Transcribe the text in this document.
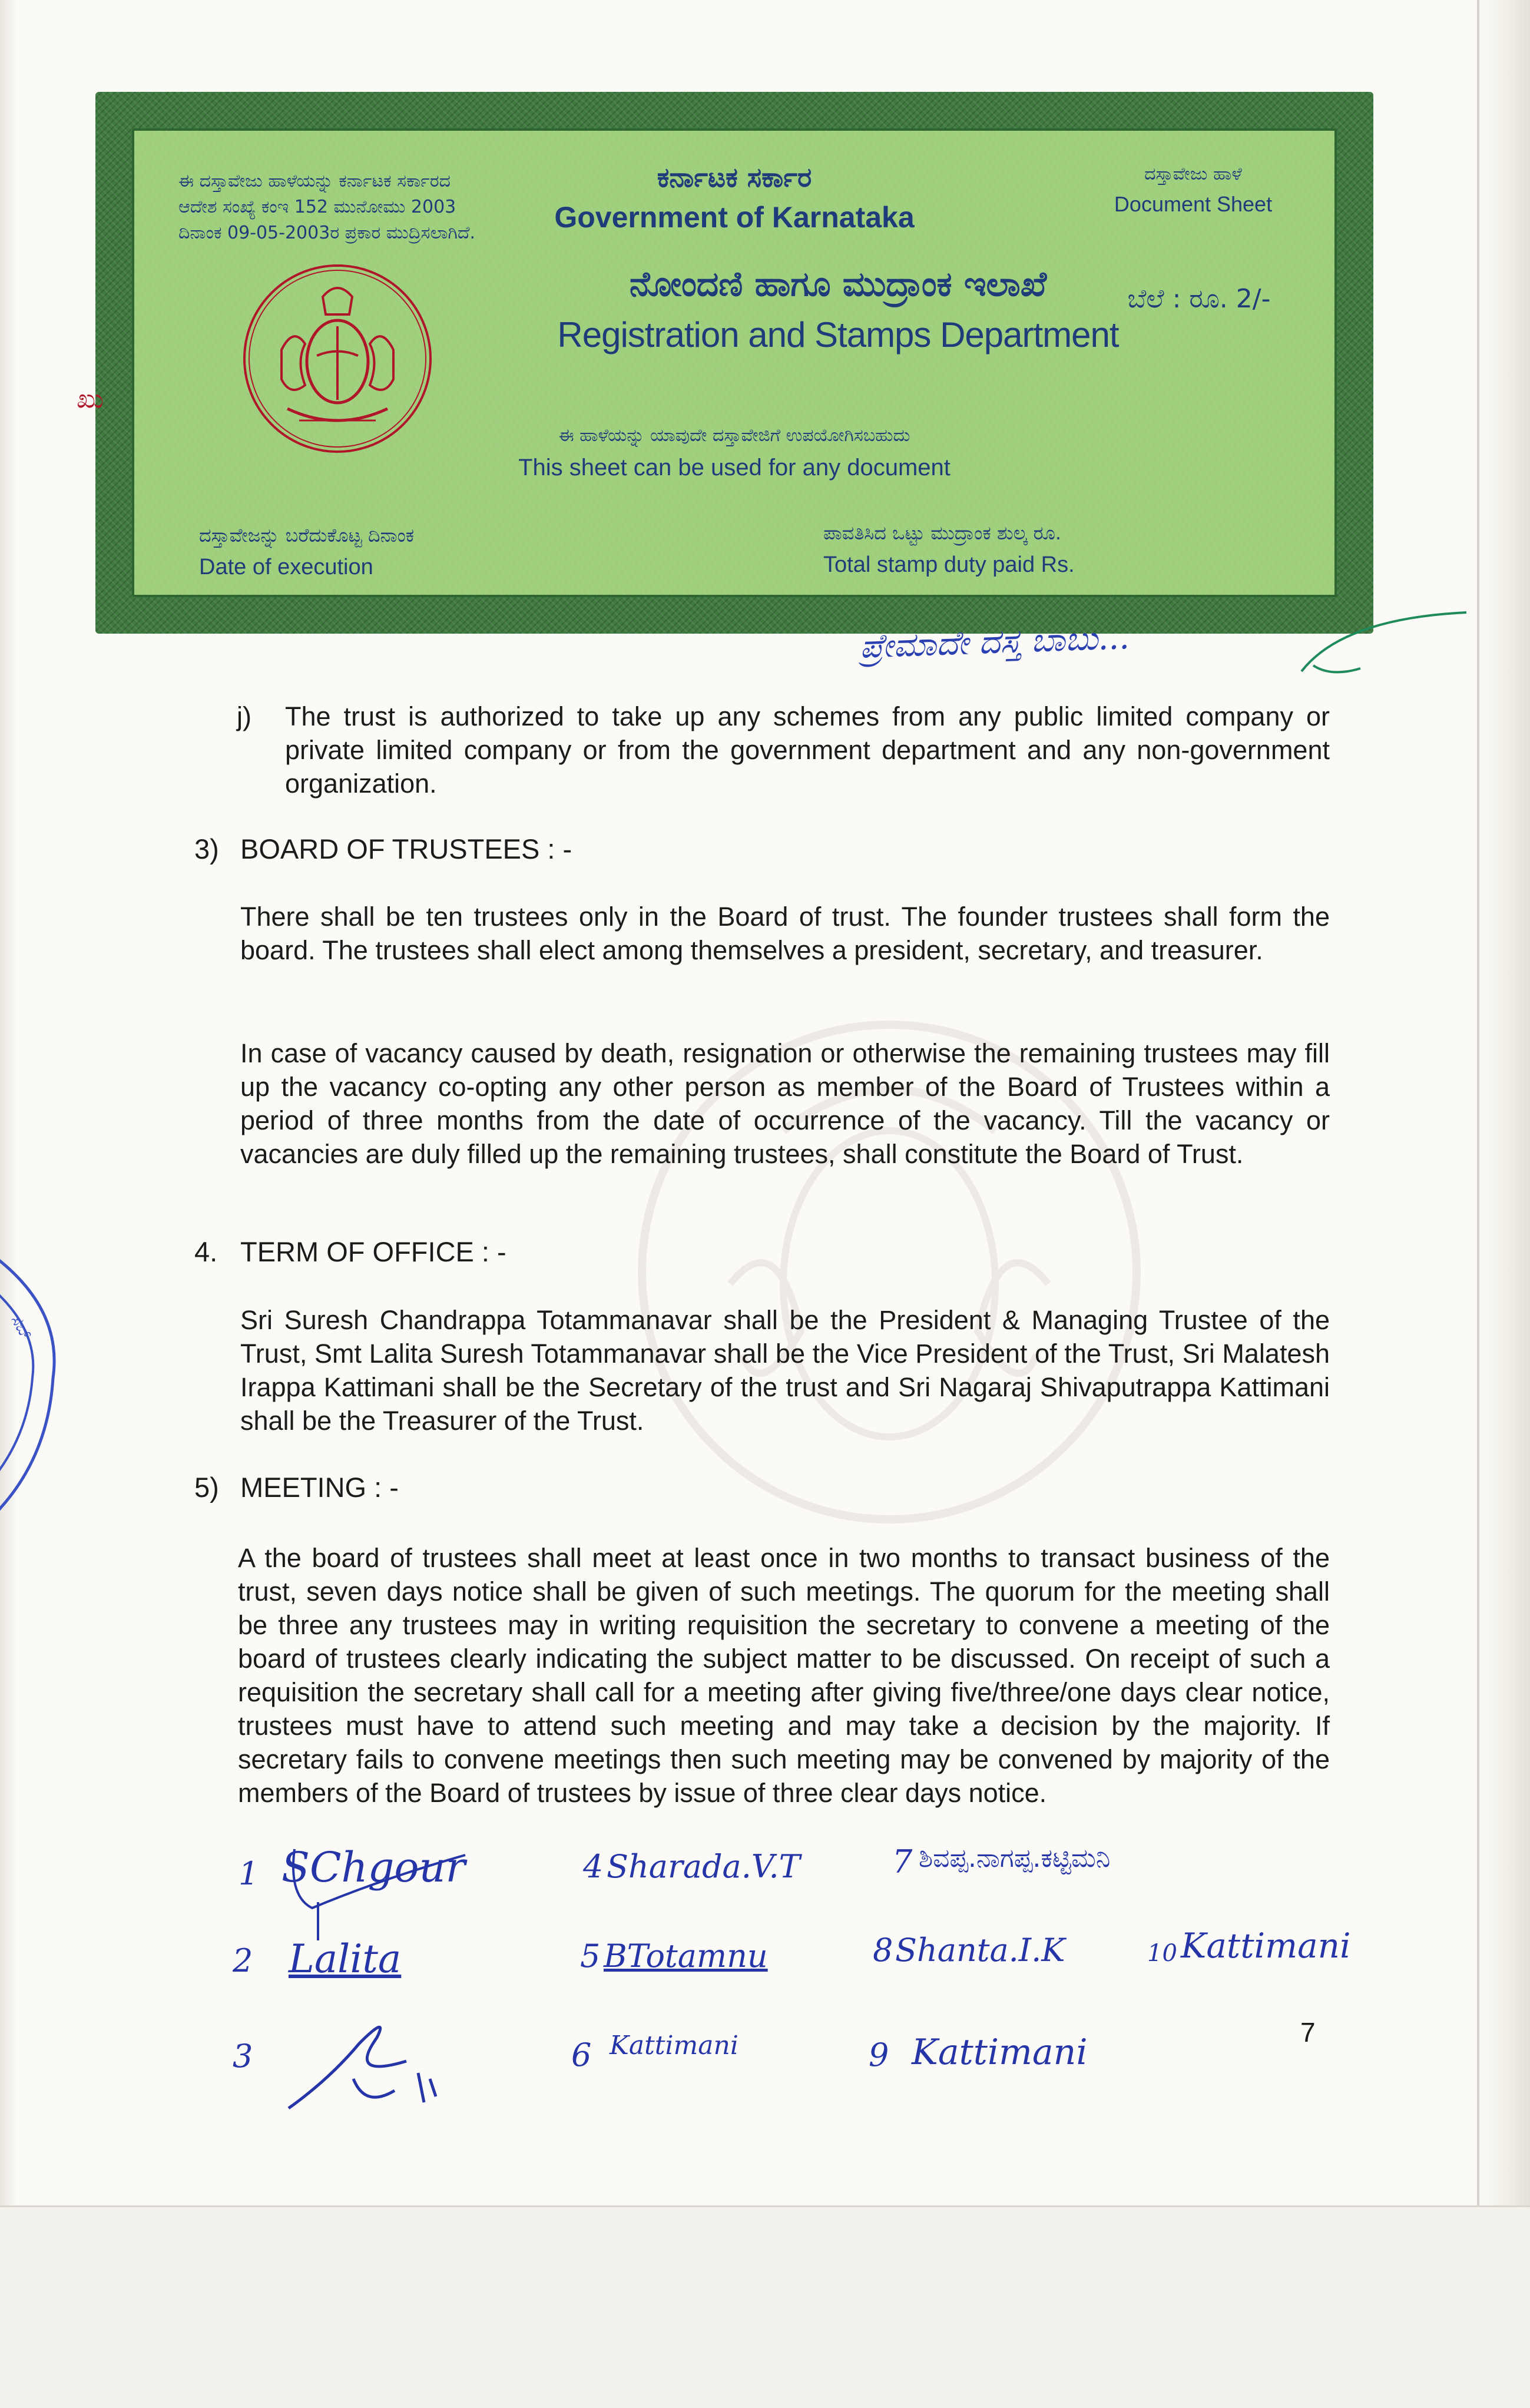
ಈ ದಸ್ತಾವೇಜು ಹಾಳೆಯನ್ನು ಕರ್ನಾಟಕ ಸರ್ಕಾರದ
ಆದೇಶ ಸಂಖ್ಯೆ ಕಂಇ 152 ಮುನೋಮು 2003
ದಿನಾಂಕ 09-05-2003ರ ಪ್ರಕಾರ ಮುದ್ರಿಸಲಾಗಿದೆ.
ಕರ್ನಾಟಕ ಸರ್ಕಾರ
Government of Karnataka
ದಸ್ತಾವೇಜು ಹಾಳೆ
Document Sheet
ಬೆಲೆ : ರೂ. 2/-
ಖು
ನೋಂದಣಿ ಹಾಗೂ ಮುದ್ರಾಂಕ ಇಲಾಖೆ
Registration and Stamps Department
ಈ ಹಾಳೆಯನ್ನು ಯಾವುದೇ ದಸ್ತಾವೇಜಿಗೆ ಉಪಯೋಗಿಸಬಹುದು
This sheet can be used for any document
ದಸ್ತಾವೇಜನ್ನು ಬರೆದುಕೊಟ್ಟ ದಿನಾಂಕ
Date of execution
ಪಾವತಿಸಿದ ಒಟ್ಟು ಮುದ್ರಾಂಕ ಶುಲ್ಕ ರೂ.
Total stamp duty paid Rs.
ಪ್ರೇಮಾದೇ ದಸ್ತ ಬಾಬು...
j) The trust is authorized to take up any schemes from any public limited company or private limited company or from the government department and any non-government organization.
3) BOARD OF TRUSTEES : -
There shall be ten trustees only in the Board of trust. The founder trustees shall form the board. The trustees shall elect among themselves a president, secretary, and treasurer.
In case of vacancy caused by death, resignation or otherwise the remaining trustees may fill up the vacancy co-opting any other person as member of the Board of Trustees within a period of three months from the date of occurrence of the vacancy. Till the vacancy or vacancies are duly filled up the remaining trustees, shall constitute the Board of Trust.
4. TERM OF OFFICE : -
Sri Suresh Chandrappa Totammanavar shall be the President & Managing Trustee of the Trust, Smt Lalita Suresh Totammanavar shall be the Vice President of the Trust, Sri Malatesh Irappa Kattimani shall be the Secretary of the trust and Sri Nagaraj Shivaputrappa Kattimani shall be the Treasurer of the Trust.
5) MEETING : -
A the board of trustees shall meet at least once in two months to transact business of the trust, seven days notice shall be given of such meetings. The quorum for the meeting shall be three any trustees may in writing requisition the secretary to convene a meeting of the board of trustees clearly indicating the subject matter to be discussed. On receipt of such a requisition the secretary shall call for a meeting after giving five/three/one days clear notice, trustees must have to attend such meeting and may take a decision by the majority. If secretary fails to convene meetings then such meeting may be convened by majority of the members of the Board of trustees by issue of three clear days notice.
ಸಬ್
1 SChgour
2 Lalita
3
4 Sharada.V.T
5 BTotamnu
6 Kattimani
7 ಶಿವಪ್ಪ.ನಾಗಪ್ಪ.ಕಟ್ಟಿಮನಿ
8 Shanta.I.K
9 Kattimani
10 Kattimani
7
